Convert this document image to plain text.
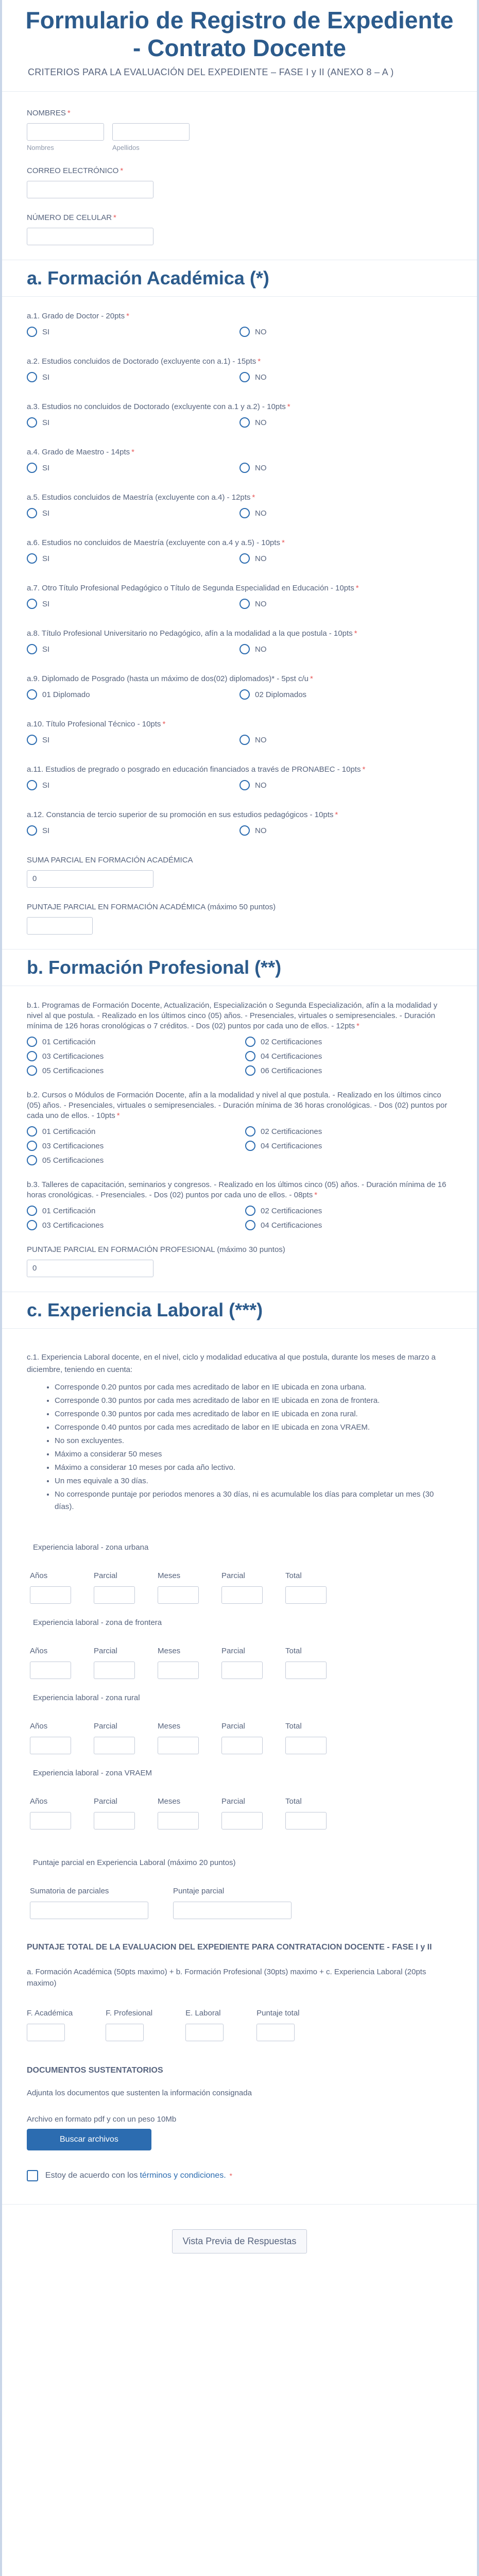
Formulario de Registro de Expediente - Contrato Docente
CRITERIOS PARA LA EVALUACIÓN DEL EXPEDIENTE – FASE I y II (ANEXO 8 – A )
NOMBRES *
Nombres	Apellidos
CORREO ELECTRÓNICO *
NÚMERO DE CELULAR *
a. Formación Académica (*)
a.1. Grado de Doctor - 20pts *
SI	NO
a.2. Estudios concluidos de Doctorado (excluyente con a.1) - 15pts *
SI	NO
a.3. Estudios no concluidos de Doctorado (excluyente con a.1 y a.2) - 10pts *
SI	NO
a.4. Grado de Maestro - 14pts *
SI	NO
a.5. Estudios concluidos de Maestría (excluyente con a.4) - 12pts *
SI	NO
a.6. Estudios no concluidos de Maestría (excluyente con a.4 y a.5) - 10pts *
SI	NO
a.7. Otro Título Profesional Pedagógico o Título de Segunda Especialidad en Educación - 10pts *
SI	NO
a.8. Título Profesional Universitario no Pedagógico, afín a la modalidad a la que postula - 10pts *
SI	NO
a.9. Diplomado de Posgrado (hasta un máximo de dos(02) diplomados)* - 5pst c/u *
01 Diplomado	02 Diplomados
a.10. Título Profesional Técnico - 10pts *
SI	NO
a.11. Estudios de pregrado o posgrado en educación financiados a través de PRONABEC - 10pts *
SI	NO
a.12. Constancia de tercio superior de su promoción en sus estudios pedagógicos - 10pts *
SI	NO
SUMA PARCIAL EN FORMACIÓN ACADÉMICA
0
PUNTAJE PARCIAL EN FORMACIÓN ACADÉMICA (máximo 50 puntos)
b. Formación Profesional (**)
b.1. Programas de Formación Docente, Actualización, Especialización o Segunda Especialización, afín a la modalidad y nivel al que postula. - Realizado en los últimos cinco (05) años. - Presenciales, virtuales o semipresenciales. - Duración mínima de 126 horas cronológicas o 7 créditos. - Dos (02) puntos por cada uno de ellos. - 12pts *
01 Certificación	02 Certificaciones
03 Certificaciones	04 Certificaciones
05 Certificaciones	06 Certificaciones
b.2. Cursos o Módulos de Formación Docente, afín a la modalidad y nivel al que postula. - Realizado en los últimos cinco (05) años. - Presenciales, virtuales o semipresenciales. - Duración mínima de 36 horas cronológicas. - Dos (02) puntos por cada uno de ellos. - 10pts *
01 Certificación	02 Certificaciones
03 Certificaciones	04 Certificaciones
05 Certificaciones
b.3. Talleres de capacitación, seminarios y congresos. - Realizado en los últimos cinco (05) años. - Duración mínima de 16 horas cronológicas. - Presenciales. - Dos (02) puntos por cada uno de ellos. - 08pts *
01 Certificación	02 Certificaciones
03 Certificaciones	04 Certificaciones
PUNTAJE PARCIAL EN FORMACIÓN PROFESIONAL (máximo 30 puntos)
0
c. Experiencia Laboral (***)
c.1. Experiencia Laboral docente, en el nivel, ciclo y modalidad educativa al que postula, durante los meses de marzo a diciembre, teniendo en cuenta:
• Corresponde 0.20 puntos por cada mes acreditado de labor en IE ubicada en zona urbana.
• Corresponde 0.30 puntos por cada mes acreditado de labor en IE ubicada en zona de frontera.
• Corresponde 0.30 puntos por cada mes acreditado de labor en IE ubicada en zona rural.
• Corresponde 0.40 puntos por cada mes acreditado de labor en IE ubicada en zona VRAEM.
• No son excluyentes.
• Máximo a considerar 50 meses
• Máximo a considerar 10 meses por cada año lectivo.
• Un mes equivale a 30 días.
• No corresponde puntaje por periodos menores a 30 días, ni es acumulable los días para completar un mes (30 días).
Experiencia laboral - zona urbana
Años	Parcial	Meses	Parcial	Total
Experiencia laboral - zona de frontera
Años	Parcial	Meses	Parcial	Total
Experiencia laboral - zona rural
Años	Parcial	Meses	Parcial	Total
Experiencia laboral - zona VRAEM
Años	Parcial	Meses	Parcial	Total
Puntaje parcial en Experiencia Laboral (máximo 20 puntos)
Sumatoria de parciales	Puntaje parcial
PUNTAJE TOTAL DE LA EVALUACION DEL EXPEDIENTE PARA CONTRATACION DOCENTE - FASE I y II
a. Formación Académica (50pts maximo) + b. Formación Profesional (30pts) maximo + c. Experiencia Laboral (20pts maximo)
F. Académica	F. Profesional	E. Laboral	Puntaje total
DOCUMENTOS SUSTENTATORIOS
Adjunta los documentos que sustenten la información consignada
Archivo en formato pdf y con un peso 10Mb
Buscar archivos
Estoy de acuerdo con los términos y condiciones. *
Vista Previa de Respuestas
